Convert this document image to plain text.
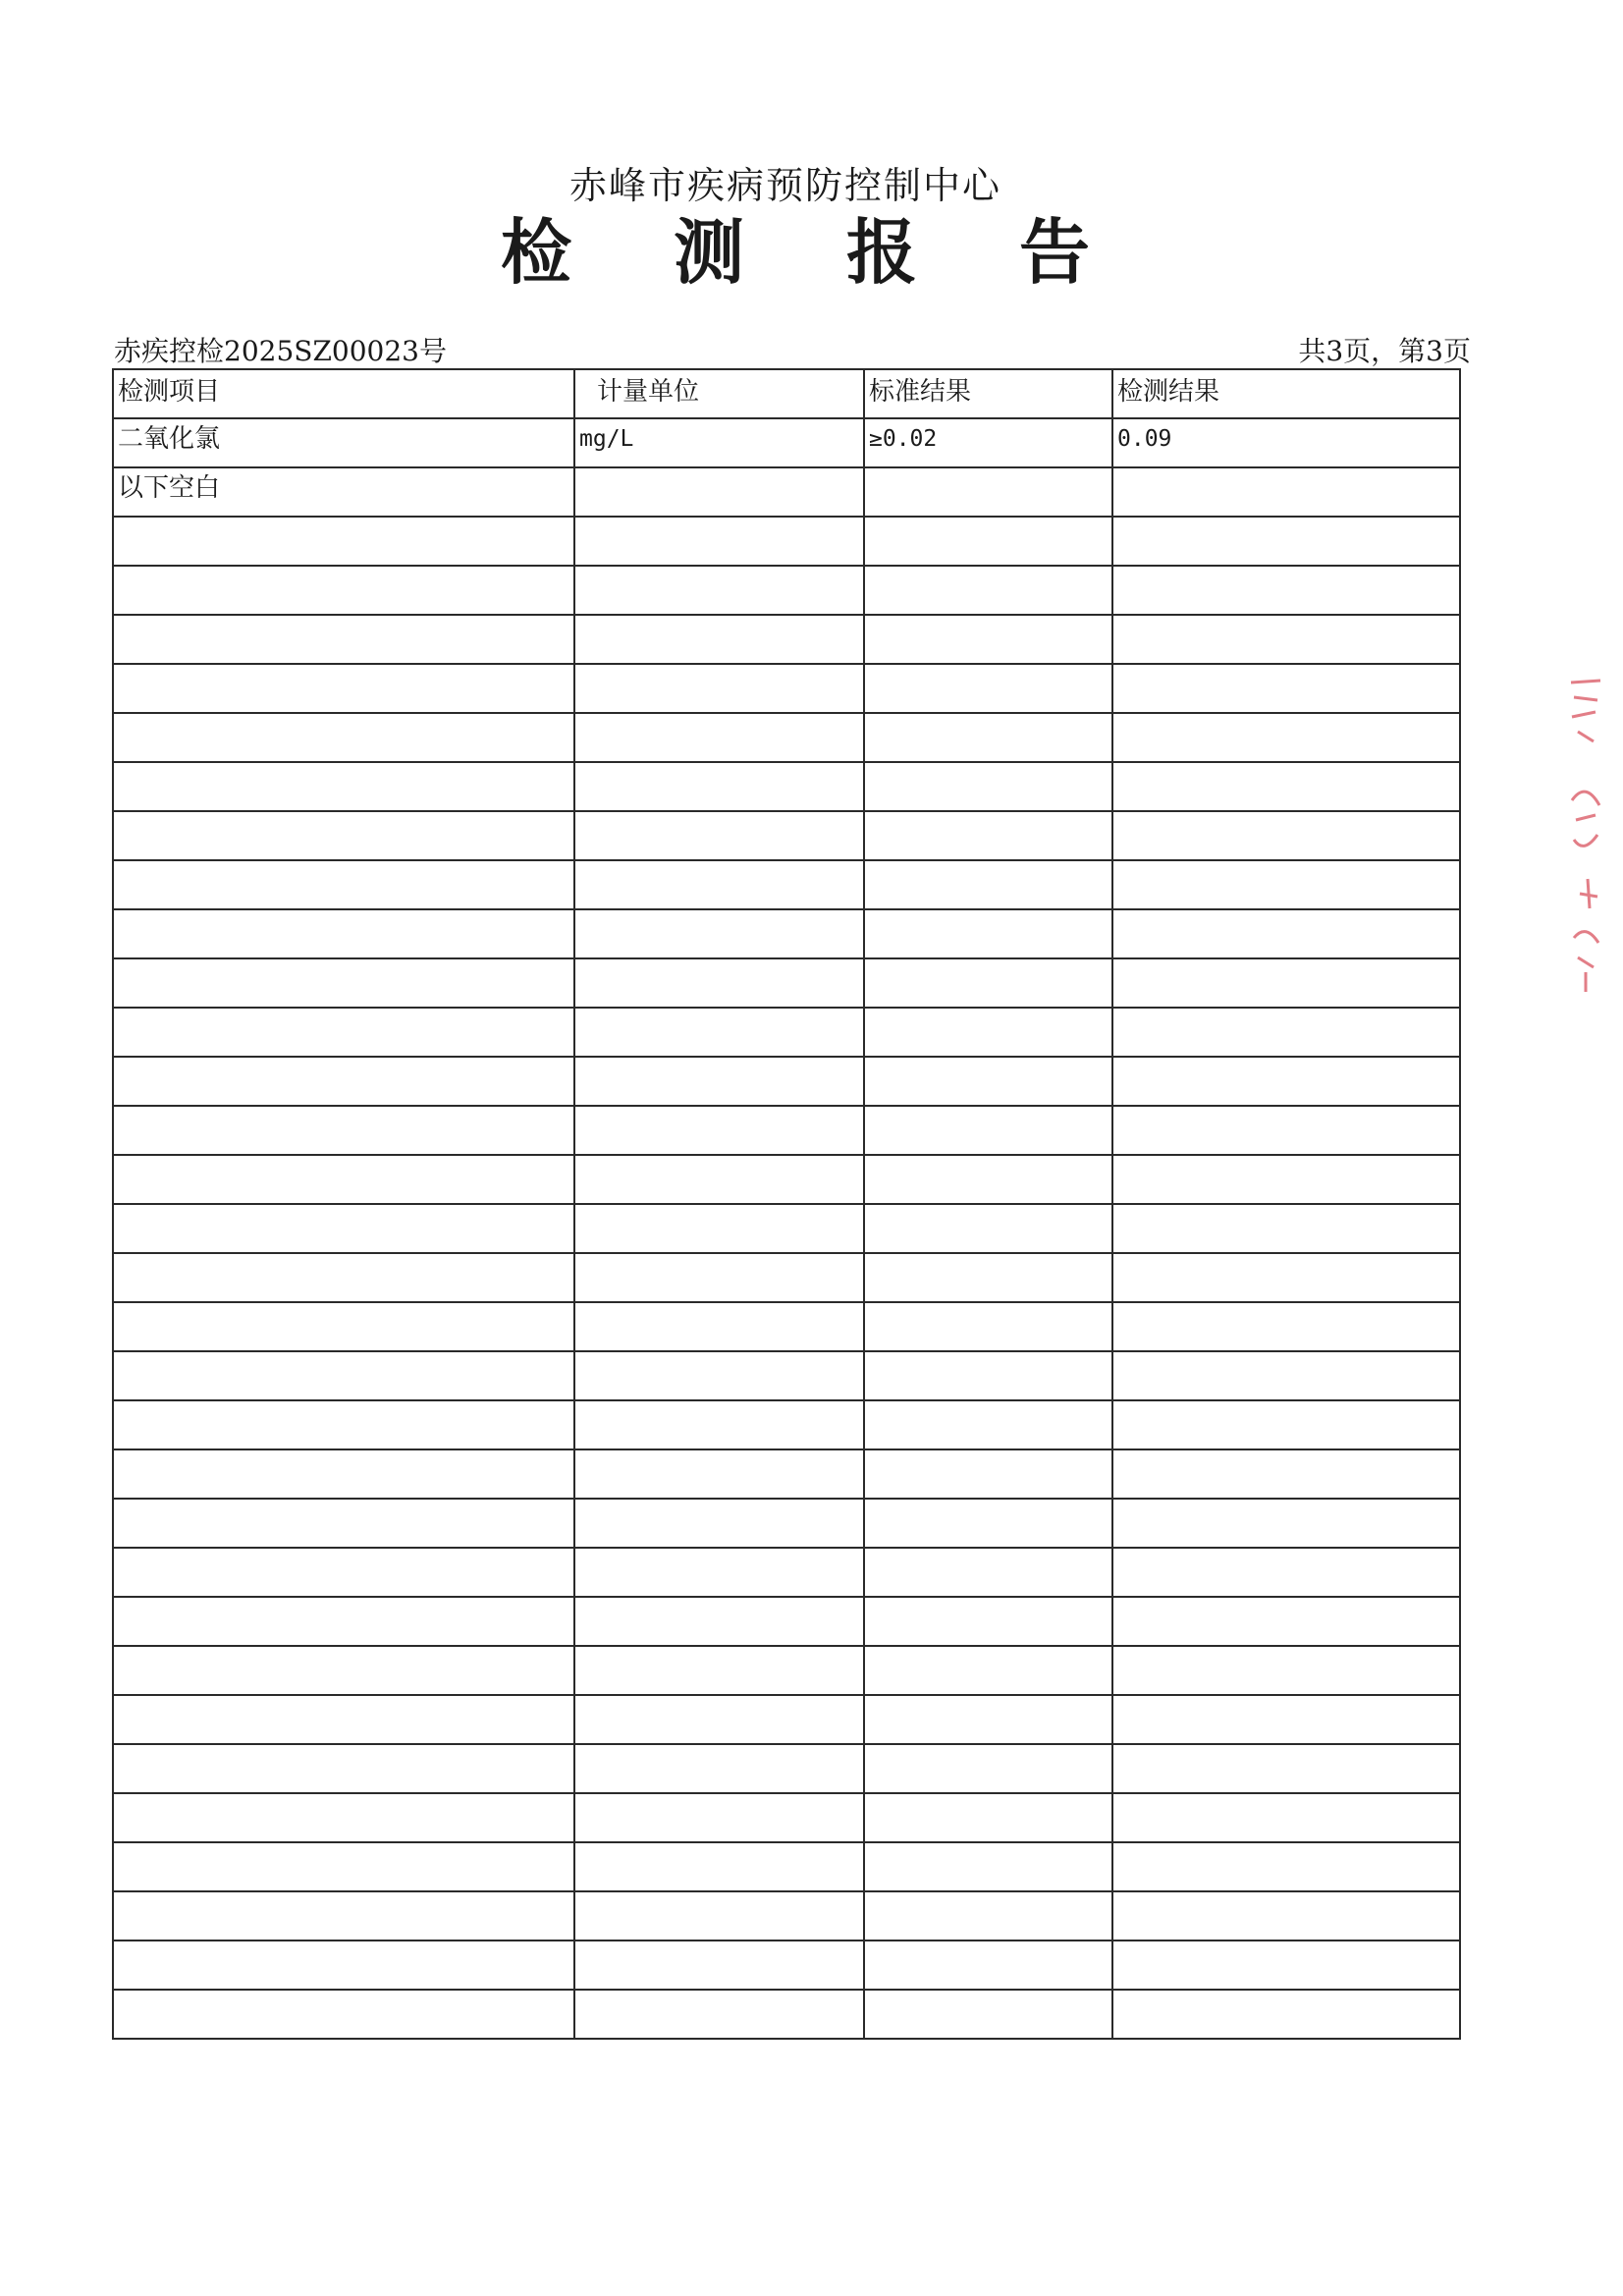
赤峰市疾病预防控制中心
检 测 报 告
赤疾控检2025SZ00023号	共3页，第3页
检测项目	计量单位	标准结果	检测结果
二氧化氯	mg/L	≥0.02	0.09
以下空白			
